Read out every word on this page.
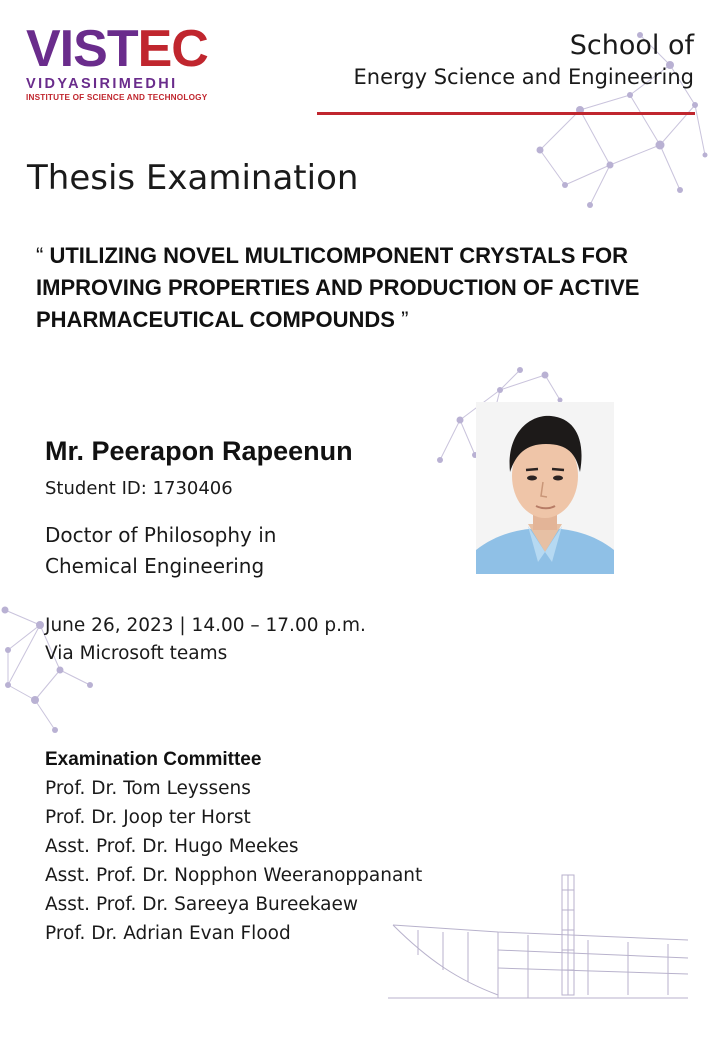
VISTEC
VIDYASIRIMEDHI
INSTITUTE OF SCIENCE AND TECHNOLOGY
School of
Energy Science and Engineering
Thesis Examination
“ UTILIZING NOVEL MULTICOMPONENT CRYSTALS FOR IMPROVING PROPERTIES AND PRODUCTION OF ACTIVE PHARMACEUTICAL COMPOUNDS ”
Mr. Peerapon Rapeenun
Student ID: 1730406
Doctor of Philosophy in
Chemical Engineering
June 26, 2023 | 14.00 – 17.00 p.m.
Via Microsoft teams
Examination Committee
Prof. Dr. Tom Leyssens
Prof. Dr. Joop ter Horst
Asst. Prof. Dr. Hugo Meekes
Asst. Prof. Dr. Nopphon Weeranoppanant
Asst. Prof. Dr. Sareeya Bureekaew
Prof. Dr. Adrian Evan Flood
